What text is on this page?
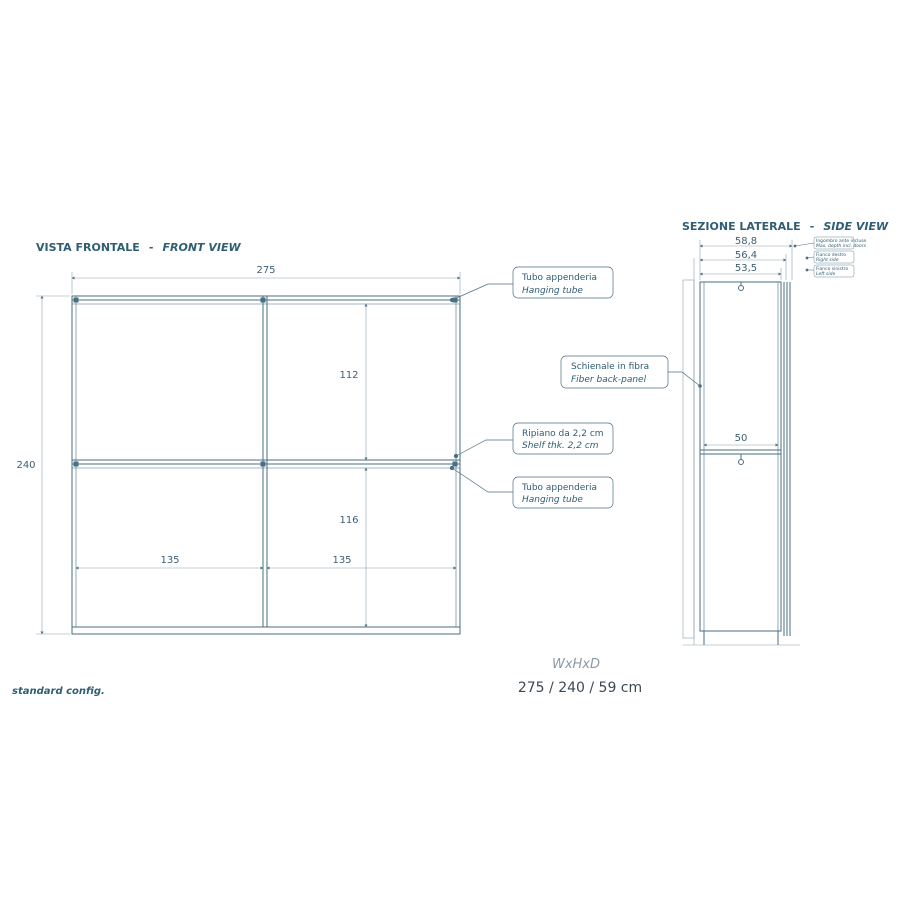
VISTA FRONTALE - FRONT VIEW
275
240
112
116
135	135
Tubo appenderia
Hanging tube
Ripiano da 2,2 cm
Shelf thk. 2,2 cm
Tubo appenderia
Hanging tube
standard config.
WxHxD
275 / 240 / 59 cm
SEZIONE LATERALE - SIDE VIEW
58,8
56,4
53,5
50
Ingombro ante incluse
Max. depth incl. doors
Fianco destro
Right side
Fianco sinistro
Left side
Schienale in fibra
Fiber back-panel
